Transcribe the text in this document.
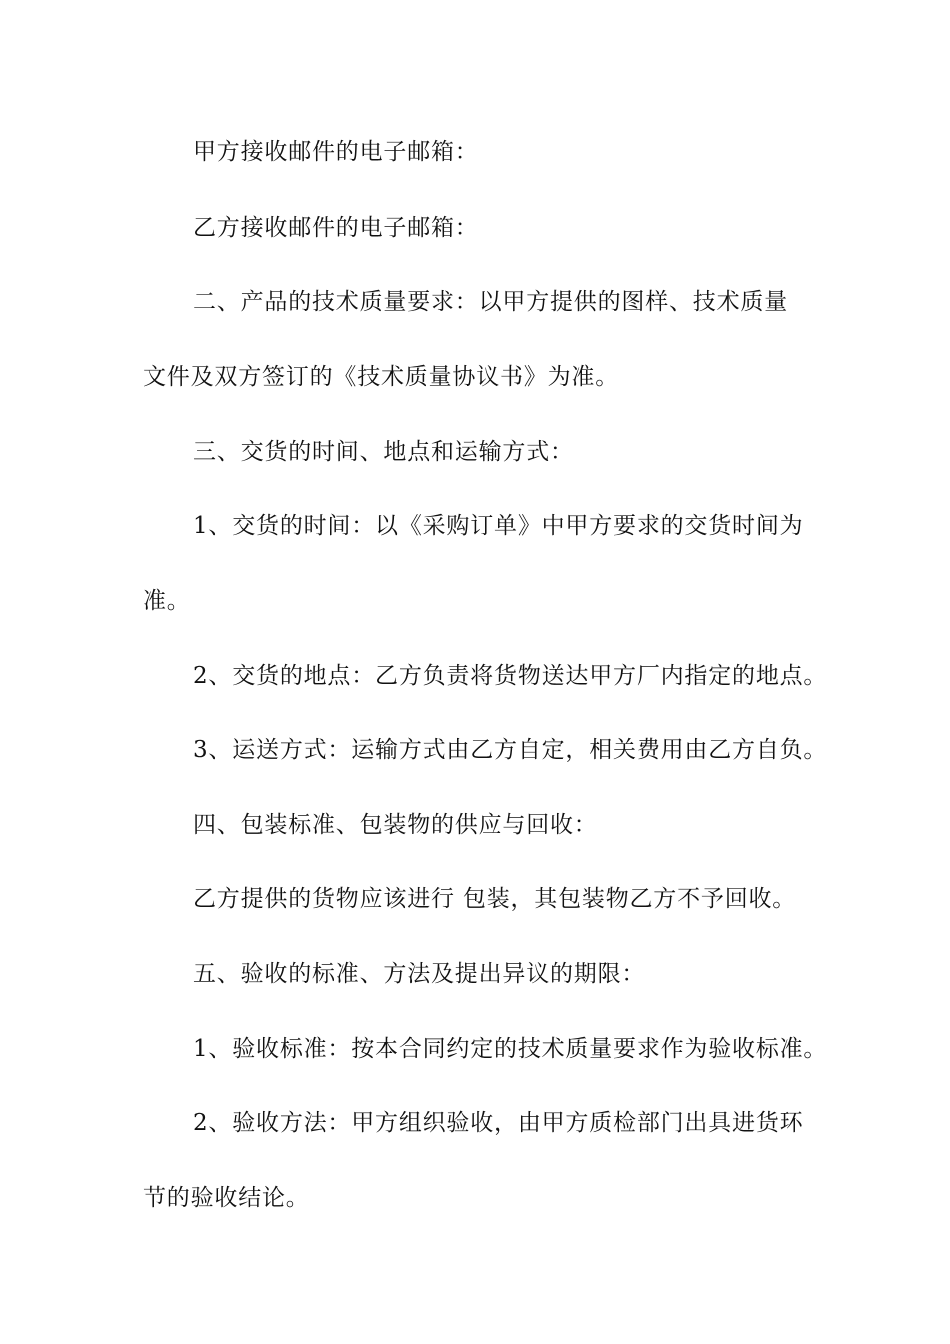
甲方接收邮件的电子邮箱：

乙方接收邮件的电子邮箱：

二、产品的技术质量要求：以甲方提供的图样、技术质量

文件及双方签订的《技术质量协议书》为准。

三、交货的时间、地点和运输方式：

1、交货的时间：以《采购订单》中甲方要求的交货时间为

准。

2、交货的地点：乙方负责将货物送达甲方厂内指定的地点。

3、运送方式：运输方式由乙方自定，相关费用由乙方自负。

四、包装标准、包装物的供应与回收：

乙方提供的货物应该进行 包装，其包装物乙方不予回收。

五、验收的标准、方法及提出异议的期限：

1、验收标准：按本合同约定的技术质量要求作为验收标准。

2、验收方法：甲方组织验收，由甲方质检部门出具进货环

节的验收结论。
